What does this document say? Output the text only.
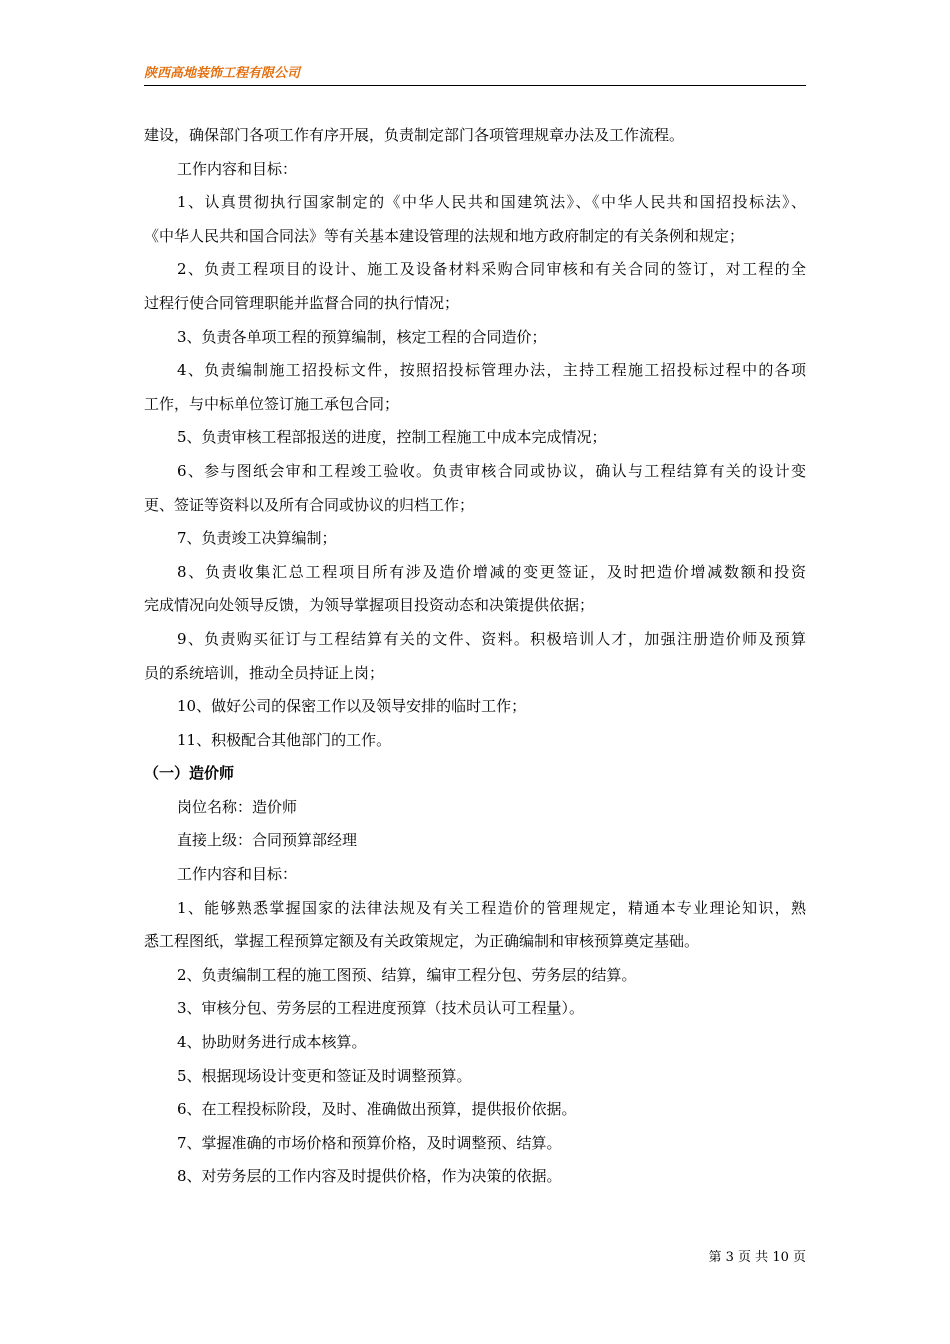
陕西高地装饰工程有限公司
建设，确保部门各项工作有序开展，负责制定部门各项管理规章办法及工作流程。
工作内容和目标：
1、认真贯彻执行国家制定的《中华人民共和国建筑法》、《中华人民共和国招投标法》、
《中华人民共和国合同法》等有关基本建设管理的法规和地方政府制定的有关条例和规定；
2、负责工程项目的设计、施工及设备材料采购合同审核和有关合同的签订，对工程的全
过程行使合同管理职能并监督合同的执行情况；
3、负责各单项工程的预算编制，核定工程的合同造价；
4、负责编制施工招投标文件，按照招投标管理办法，主持工程施工招投标过程中的各项
工作，与中标单位签订施工承包合同；
5、负责审核工程部报送的进度，控制工程施工中成本完成情况；
6、参与图纸会审和工程竣工验收。负责审核合同或协议，确认与工程结算有关的设计变
更、签证等资料以及所有合同或协议的归档工作；
7、负责竣工决算编制；
8、负责收集汇总工程项目所有涉及造价增减的变更签证，及时把造价增减数额和投资
完成情况向处领导反馈，为领导掌握项目投资动态和决策提供依据；
9、负责购买征订与工程结算有关的文件、资料。积极培训人才，加强注册造价师及预算
员的系统培训，推动全员持证上岗；
10、做好公司的保密工作以及领导安排的临时工作；
11、积极配合其他部门的工作。
（一）造价师
岗位名称：造价师
直接上级：合同预算部经理
工作内容和目标：
1、能够熟悉掌握国家的法律法规及有关工程造价的管理规定，精通本专业理论知识，熟
悉工程图纸，掌握工程预算定额及有关政策规定，为正确编制和审核预算奠定基础。
2、负责编制工程的施工图预、结算，编审工程分包、劳务层的结算。
3、审核分包、劳务层的工程进度预算（技术员认可工程量）。
4、协助财务进行成本核算。
5、根据现场设计变更和签证及时调整预算。
6、在工程投标阶段，及时、准确做出预算，提供报价依据。
7、掌握准确的市场价格和预算价格，及时调整预、结算。
8、对劳务层的工作内容及时提供价格，作为决策的依据。
第 3 页 共 10 页
